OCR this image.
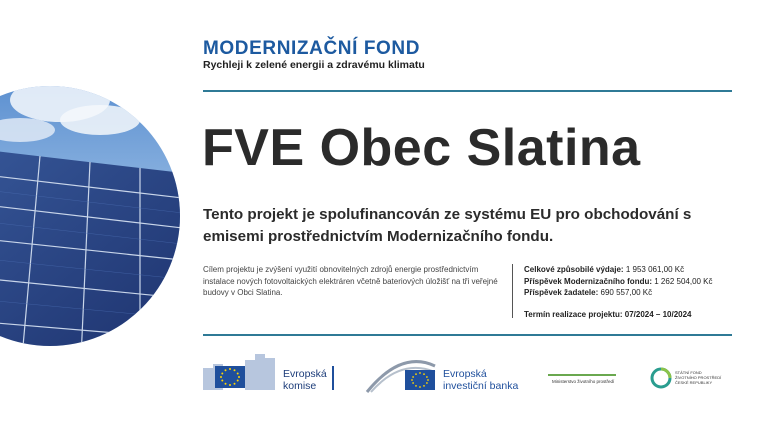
MODERNIZAČNÍ FOND
Rychleji k zelené energii a zdravému klimatu
FVE Obec Slatina
Tento projekt je spolufinancován ze systému EU pro obchodování s emisemi prostřednictvím Modernizačního fondu.
Cílem projektu je zvýšení využití obnovitelných zdrojů energie prostřednictvím instalace nových fotovoltaických elektráren včetně bateriových úložišť na tři veřejné budovy v Obci Slatina.
Celkové způsobilé výdaje: 1 953 061,00 Kč
Příspěvek Modernizačního fondu: 1 262 504,00 Kč
Příspěvek žadatele: 690 557,00 Kč
Termín realizace projektu: 07/2024 – 10/2024
Evropská
komise
Evropská
investiční banka	Ministerstvo životního prostředí
STÁTNÍ FOND
ŽIVOTNÍHO PROSTŘEDÍ
ČESKÉ REPUBLIKY
